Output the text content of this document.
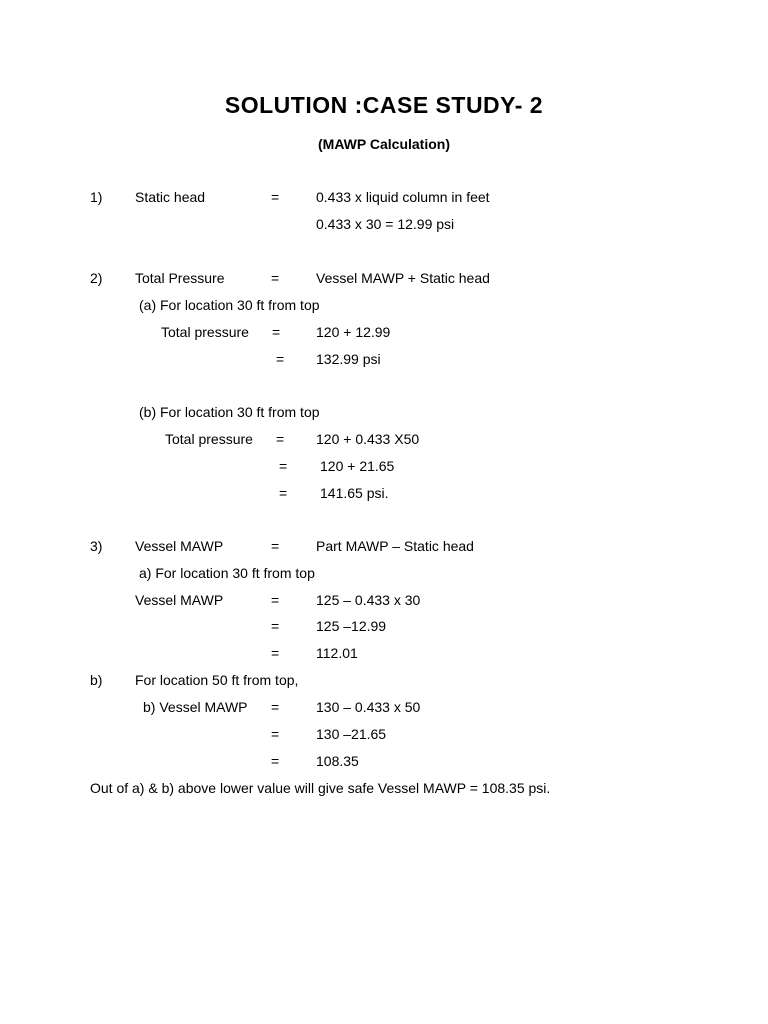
SOLUTION :CASE STUDY- 2
(MAWP Calculation)
1) Static head	=	0.433 x liquid column in feet
0.433 x 30 = 12.99 psi
2) Total Pressure	=	Vessel MAWP + Static head
(a) For location 30 ft from top
Total pressure =	120 + 12.99
= 132.99 psi
(b) For location 30 ft from top
Total pressure = 120 + 0.433 X50
= 120 + 21.65
= 141.65 psi.
3) Vessel MAWP	=	Part MAWP – Static head
a) For location 30 ft from top
Vessel MAWP	=	125 – 0.433 x 30
=	125 –12.99
=	112.01
b) For location 50 ft from top,
b) Vessel MAWP =	130 – 0.433 x 50
=	130 –21.65
=	108.35
Out of a) & b) above lower value will give safe Vessel MAWP = 108.35 psi.
